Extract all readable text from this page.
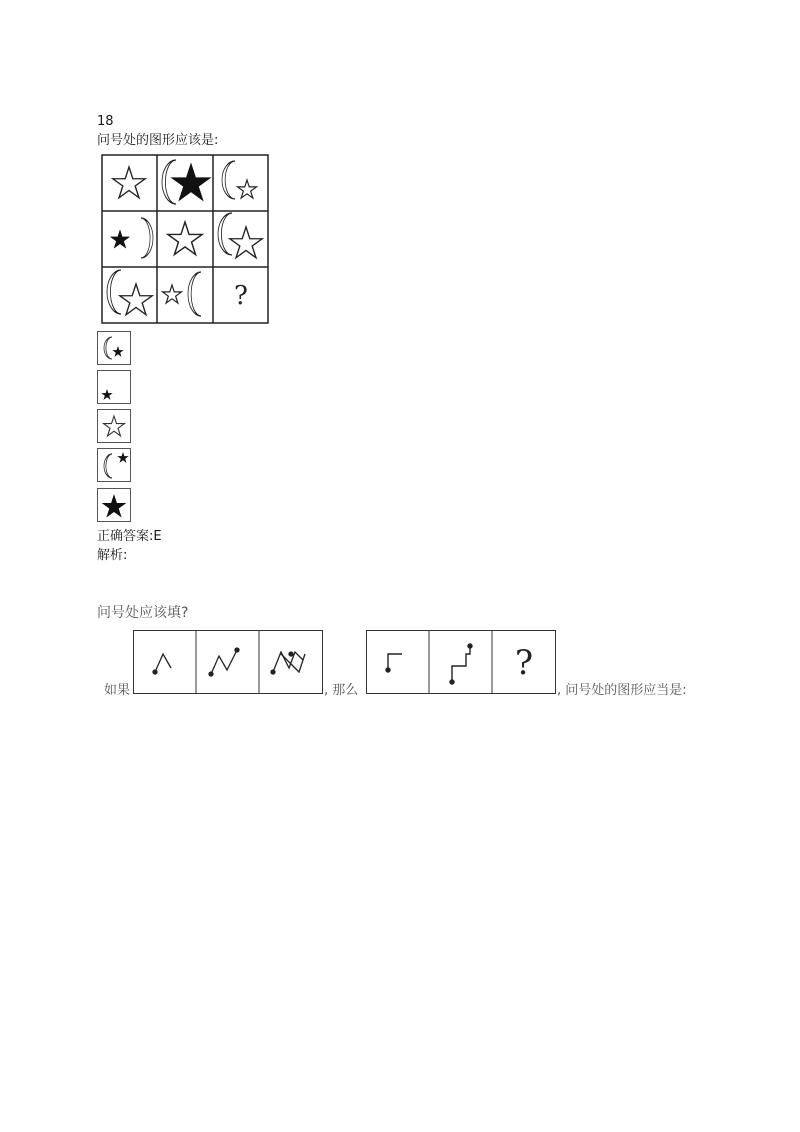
18
问号处的图形应该是:
?
正确答案:E
解析:
问号处应该填?
如果	, 那么
?
, 问号处的图形应当是:
